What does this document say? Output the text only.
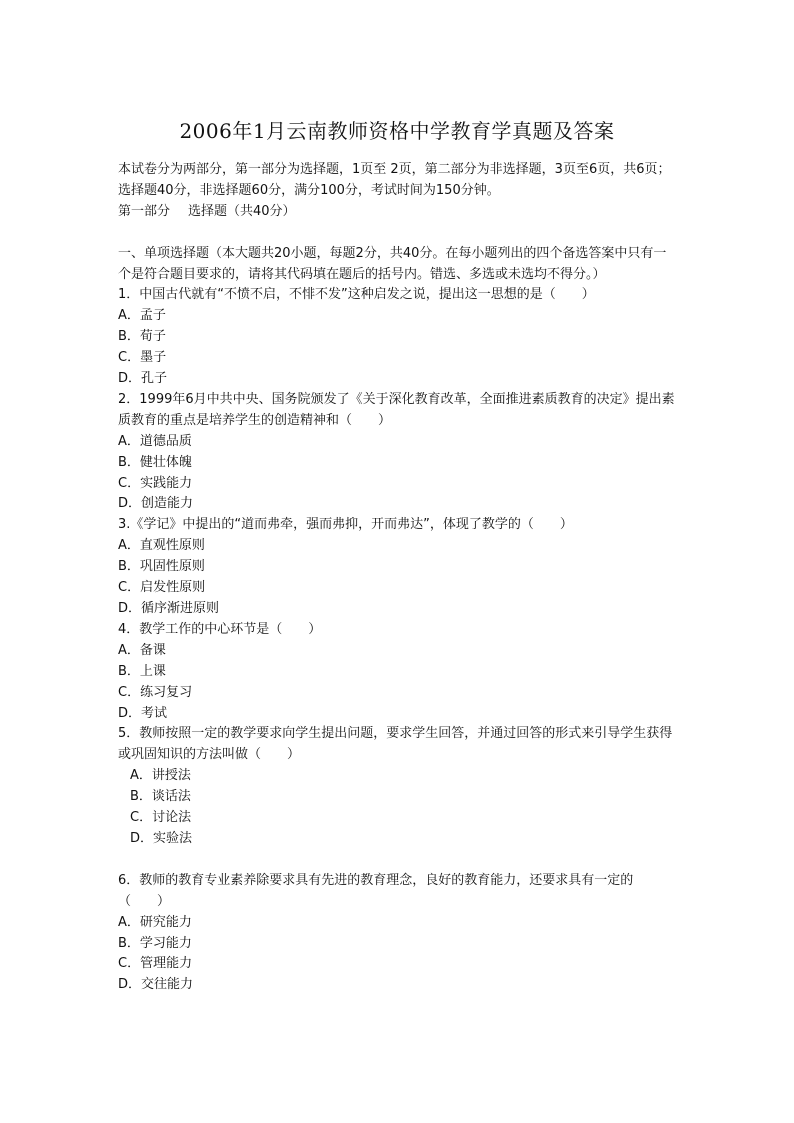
2006年1月云南教师资格中学教育学真题及答案

本试卷分为两部分，第一部分为选择题，1页至 2页，第二部分为非选择题，3页至6页，共6页；选择题40分，非选择题60分，满分100分，考试时间为150分钟。

第一部分 选择题（共40分）

一、单项选择题（本大题共20小题，每题2分，共40分。在每小题列出的四个备选答案中只有一个是符合题目要求的，请将其代码填在题后的括号内。错选、多选或未选均不得分。）

1．中国古代就有“不愤不启，不悱不发”这种启发之说，提出这一思想的是（　　）

A．孟子

B．荀子

C．墨子

D．孔子

2．1999年6月中共中央、国务院颁发了《关于深化教育改革，全面推进素质教育的决定》提出素质教育的重点是培养学生的创造精神和（　　）

A．道德品质

B．健壮体魄

C．实践能力

D．创造能力

3.《学记》中提出的“道而弗牵，强而弗抑，开而弗达”，体现了教学的（　　）

A．直观性原则

B．巩固性原则

C．启发性原则

D．循序渐进原则

4．教学工作的中心环节是（　　）

A．备课

B．上课

C．练习复习

D．考试

5．教师按照一定的教学要求向学生提出问题，要求学生回答，并通过回答的形式来引导学生获得或巩固知识的方法叫做（　　）

A．讲授法

B．谈话法

C．讨论法

D．实验法

6．教师的教育专业素养除要求具有先进的教育理念，良好的教育能力，还要求具有一定的（　　）

A．研究能力

B．学习能力

C．管理能力

D．交往能力
